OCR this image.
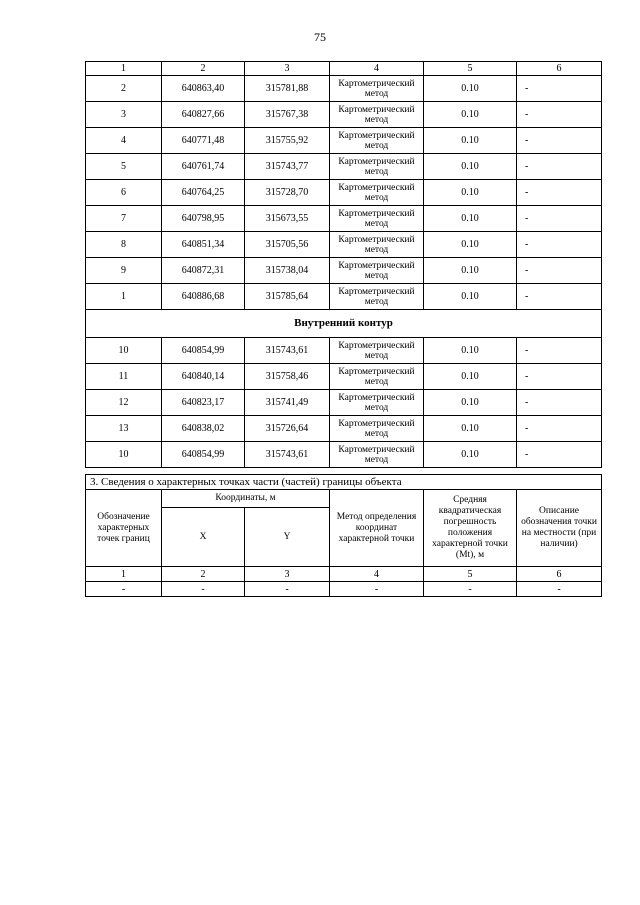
75
1	2	3	4	5	6
2	640863,40	315781,88	Картометрический метод	0.10	-
3	640827,66	315767,38	Картометрический метод	0.10	-
4	640771,48	315755,92	Картометрический метод	0.10	-
5	640761,74	315743,77	Картометрический метод	0.10	-
6	640764,25	315728,70	Картометрический метод	0.10	-
7	640798,95	315673,55	Картометрический метод	0.10	-
8	640851,34	315705,56	Картометрический метод	0.10	-
9	640872,31	315738,04	Картометрический метод	0.10	-
1	640886,68	315785,64	Картометрический метод	0.10	-
Внутренний контур					
10	640854,99	315743,61	Картометрический метод	0.10	-
11	640840,14	315758,46	Картометрический метод	0.10	-
12	640823,17	315741,49	Картометрический метод	0.10	-
13	640838,02	315726,64	Картометрический метод	0.10	-
10	640854,99	315743,61	Картометрический метод	0.10	-
3. Сведения о характерных точках части (частей) границы объекта					
Обозначение характерных точек границ	Координаты, м		Метод определения координат характерной точки	Средняя квадратическая погрешность положения характерной точки (Mt), м	Описание обозначения точки на местности (при наличии)
	X	Y			
1	2	3	4	5	6
-	-	-	-	-	-
